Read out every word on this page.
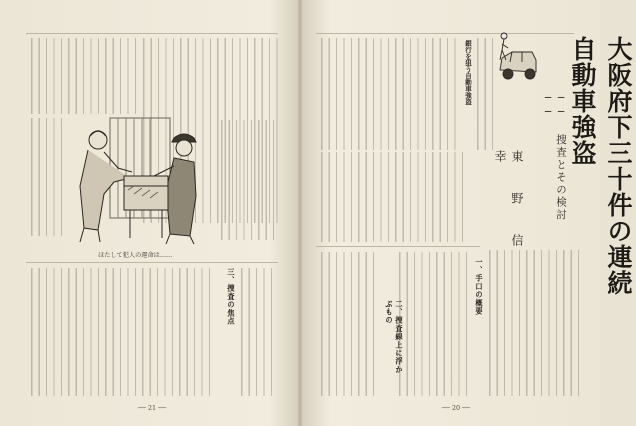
ほたして犯人の運命は……
三、捜査の焦点
── 21 ──
銀行を狙う自動車強盗	大阪府下三十件の連続自動車強盗
── 捜査とその検討 ──
東　野　信　幸
一、手口の概要
二、捜査線上に浮かぶもの
── 20 ──
